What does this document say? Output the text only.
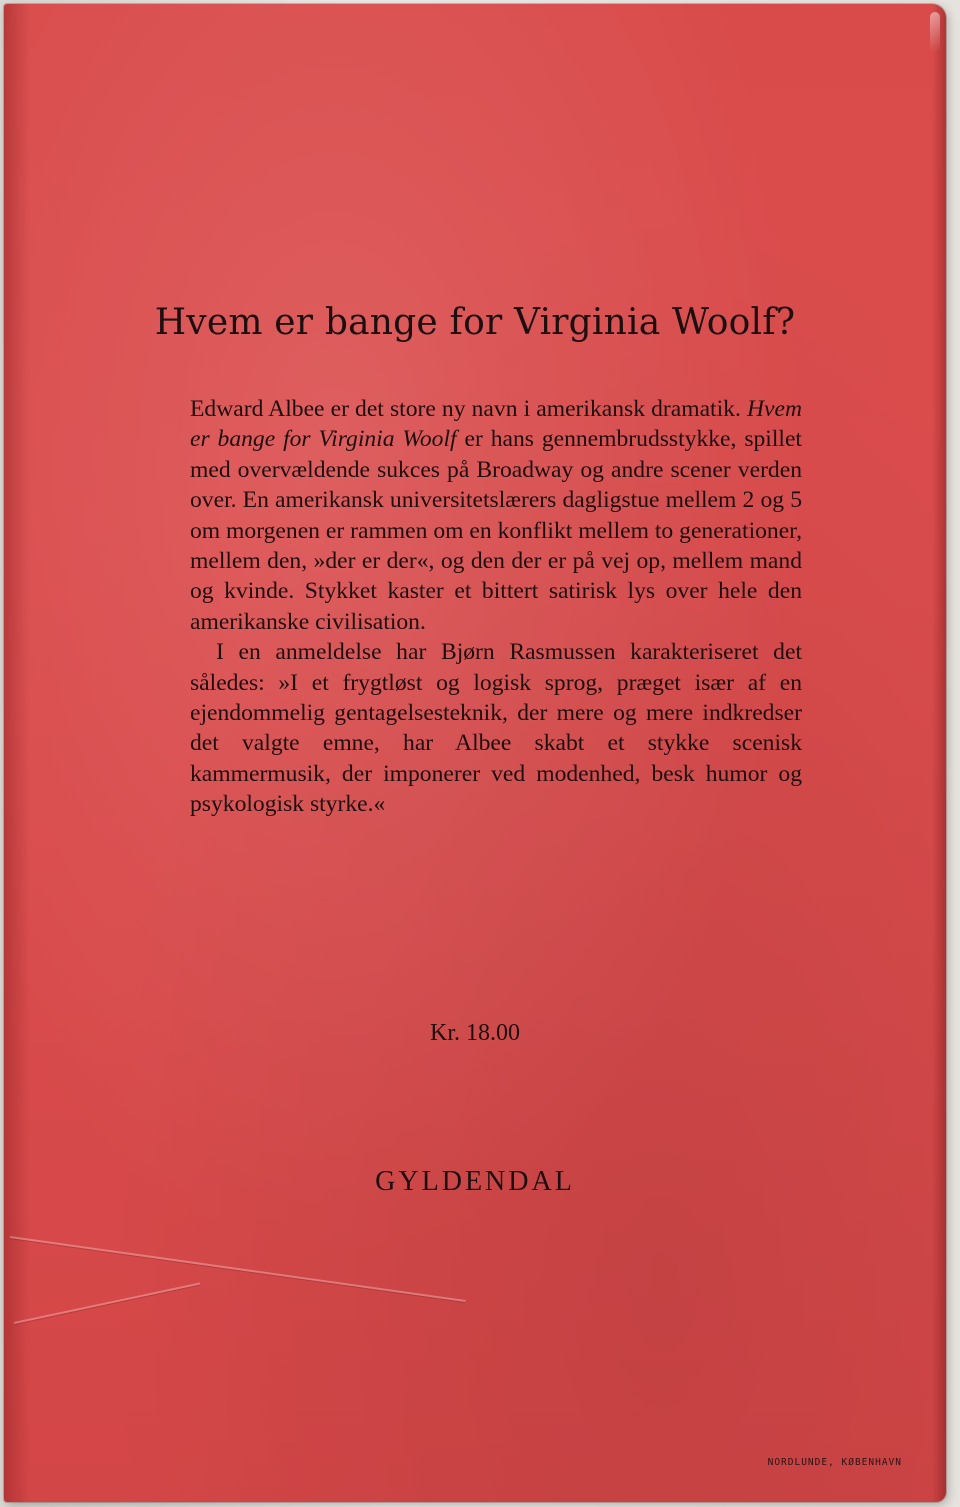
Hvem er bange for Virginia Woolf?

Edward Albee er det store ny navn i amerikansk dramatik. Hvem er bange for Virginia Woolf er hans gennembrudsstykke, spillet med overvældende sukces på Broadway og andre scener verden over. En amerikansk universitetslærers dagligstue mellem 2 og 5 om morgenen er rammen om en konflikt mellem to generationer, mellem den, »der er der«, og den der er på vej op, mellem mand og kvinde. Stykket kaster et bittert satirisk lys over hele den amerikanske civilisation.

I en anmeldelse har Bjørn Rasmussen karakteriseret det således: »I et frygtløst og logisk sprog, præget især af en ejendommelig gentagelsesteknik, der mere og mere indkredser det valgte emne, har Albee skabt et stykke scenisk kammermusik, der imponerer ved modenhed, besk humor og psykologisk styrke.«

Kr. 18.00
GYLDENDAL
NORDLUNDE, KØBENHAVN
